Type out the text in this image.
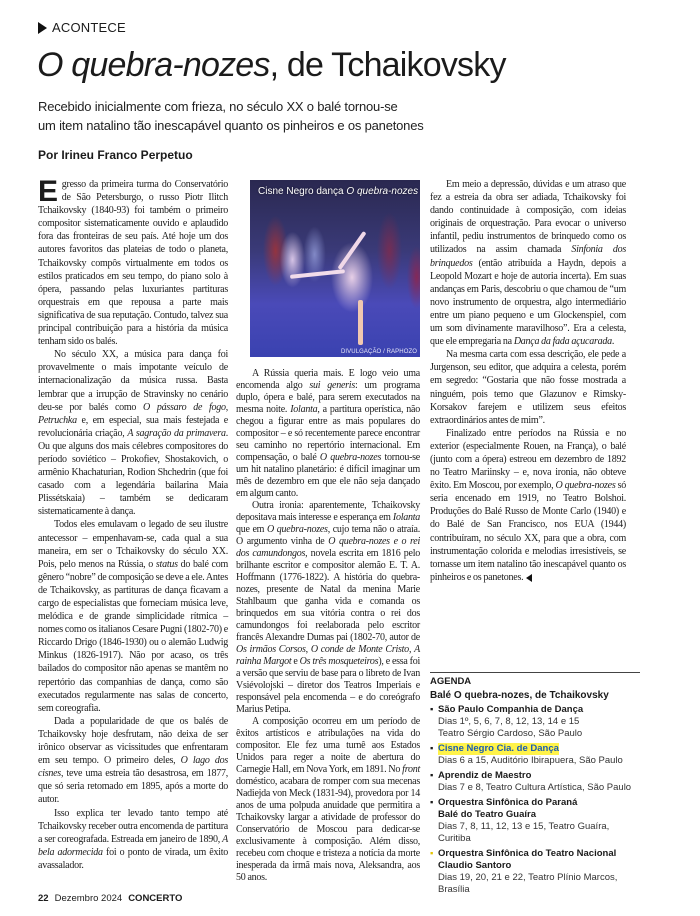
ACONTECE
O quebra-nozes, de Tchaikovsky
Recebido inicialmente com frieza, no século XX o balé tornou-se
um item natalino tão inescapável quanto os pinheiros e os panetones
Por Irineu Franco Perpetuo

Egresso da primeira turma do Conservatório de São Petersburgo, o russo Piotr Ilitch Tchaikovsky (1840-93) foi também o primeiro compositor sistematicamente ouvido e aplaudido fora das fronteiras de seu país. Até hoje um dos autores favoritos das plateias de todo o planeta, Tchaikovsky compôs virtualmente em todos os estilos praticados em seu tempo, do piano solo à ópera, passando pelas luxuriantes partituras orquestrais em que repousa a parte mais significativa de sua reputação. Contudo, talvez sua principal contribuição para a história da música tenham sido os balés.

No século XX, a música para dança foi provavelmente o mais impotante veículo de internacionalização da música russa. Basta lembrar que a irrupção de Stravinsky no cenário deu-se por balés como O pássaro de fogo, Petruchka e, em especial, sua mais festejada e revolucionária criação, A sagração da primavera. Ou que alguns dos mais célebres compositores do período soviético – Prokofiev, Shostakovich, o armênio Khachaturian, Rodion Shchedrin (que foi casado com a legendária bailarina Maia Plissétskaia) – também se dedicaram sistematicamente à dança.

Todos eles emulavam o legado de seu ilustre antecessor – empenhavam-se, cada qual a sua maneira, em ser o Tchaikovsky do século XX. Pois, pelo menos na Rússia, o status do balé com gênero “nobre” de composição se deve a ele. Antes de Tchaikovsky, as partituras de dança ficavam a cargo de especialistas que forneciam música leve, melódica e de grande simplicidade rítmica – nomes como os italianos Cesare Pugni (1802-70) e Riccardo Drigo (1846-1930) ou o alemão Ludwig Minkus (1826-1917). Não por acaso, os três bailados do compositor não apenas se mantêm no repertório das companhias de dança, como são executados regularmente nas salas de concerto, sem coreografia.

Dada a popularidade de que os balés de Tchaikovsky hoje desfrutam, não deixa de ser irônico observar as vicissitudes que enfrentaram em seu tempo. O primeiro deles, O lago dos cisnes, teve uma estreia tão desastrosa, em 1877, que só seria retomado em 1895, após a morte do autor.

Isso explica ter levado tanto tempo até Tchaikovsky receber outra encomenda de partitura a ser coreografada. Estreada em janeiro de 1890, A bela adormecida foi o ponto de virada, um êxito avassalador.

Cisne Negro dança O quebra-nozes
DIVULGAÇÃO / RAPHOZO

A Rússia queria mais. E logo veio uma encomenda algo sui generis: um programa duplo, ópera e balé, para serem executados na mesma noite. Iolanta, a partitura operística, não chegou a figurar entre as mais populares do compositor – e só recentemente parece encontrar seu caminho no repertório internacional. Em compensação, o balé O quebra-nozes tornou-se um hit natalino planetário: é difícil imaginar um mês de dezembro em que ele não seja dançado em algum canto.

Outra ironia: aparentemente, Tchaikovsky depositava mais interesse e esperança em Iolanta que em O quebra-nozes, cujo tema não o atraía. O argumento vinha de O quebra-nozes e o rei dos camundongos, novela escrita em 1816 pelo brilhante escritor e compositor alemão E. T. A. Hoffmann (1776-1822). A história do quebra-nozes, presente de Natal da menina Marie Stahlbaum que ganha vida e comanda os brinquedos em sua vitória contra o rei dos camundongos foi reelaborada pelo escritor francês Alexandre Dumas pai (1802-70, autor de Os irmãos Corsos, O conde de Monte Cristo, A rainha Margot e Os três mosqueteiros), e essa foi a versão que serviu de base para o libreto de Ivan Vsiévolojski – diretor dos Teatros Imperiais e responsável pela encomenda – e do coreógrafo Marius Petipa.

A composição ocorreu em um período de êxitos artísticos e atribulações na vida do compositor. Ele fez uma turnê aos Estados Unidos para reger a noite de abertura do Carnegie Hall, em Nova York, em 1891. No front doméstico, acabara de romper com sua mecenas Nadiejda von Meck (1831-94), provedora por 14 anos de uma polpuda anuidade que permitira a Tchaikovsky largar a atividade de professor do Conservatório de Moscou para dedicar-se exclusivamente à composição. Além disso, recebeu com choque e tristeza a notícia da morte inesperada da irmã mais nova, Aleksandra, aos 50 anos.

Em meio a depressão, dúvidas e um atraso que fez a estreia da obra ser adiada, Tchaikovsky foi dando continuidade à composição, com ideias originais de orquestração. Para evocar o universo infantil, pediu instrumentos de brinquedo como os utilizados na assim chamada Sinfonia dos brinquedos (então atribuída a Haydn, depois a Leopold Mozart e hoje de autoria incerta). Em suas andanças em Paris, descobriu o que chamou de “um novo instrumento de orquestra, algo intermediário entre um piano pequeno e um Glockenspiel, com um som divinamente maravilhoso”. Era a celesta, que ele empregaria na Dança da fada açucarada.

Na mesma carta com essa descrição, ele pede a Jurgenson, seu editor, que adquira a celesta, porém em segredo: “Gostaria que não fosse mostrada a ninguém, pois temo que Glazunov e Rimsky-Korsakov farejem e utilizem seus efeitos extraordinários antes de mim”.

Finalizado entre períodos na Rússia e no exterior (especialmente Rouen, na França), o balé (junto com a ópera) estreou em dezembro de 1892 no Teatro Mariinsky – e, nova ironia, não obteve êxito. Em Moscou, por exemplo, O quebra-nozes só seria encenado em 1919, no Teatro Bolshoi. Produções do Balé Russo de Monte Carlo (1940) e do Balé de San Francisco, nos EUA (1944) contribuíram, no século XX, para que a obra, com instrumentação colorida e melodias irresistíveis, se tornasse um item natalino tão inescapável quanto os pinheiros e os panetones.

AGENDA
Balé O quebra-nozes, de Tchaikovsky
▪ São Paulo Companhia de Dança
Dias 1º, 5, 6, 7, 8, 12, 13, 14 e 15
Teatro Sérgio Cardoso, São Paulo
▪ Cisne Negro Cia. de Dança
Dias 6 a 15, Auditório Ibirapuera, São Paulo
▪ Aprendiz de Maestro
Dias 7 e 8, Teatro Cultura Artística, São Paulo
▪ Orquestra Sinfônica do Paraná
Balé do Teatro Guaíra
Dias 7, 8, 11, 12, 13 e 15, Teatro Guaíra, Curitiba
▪ Orquestra Sinfônica do Teatro Nacional
Claudio Santoro
Dias 19, 20, 21 e 22, Teatro Plínio Marcos, Brasília
22 Dezembro 2024 CONCERTO
